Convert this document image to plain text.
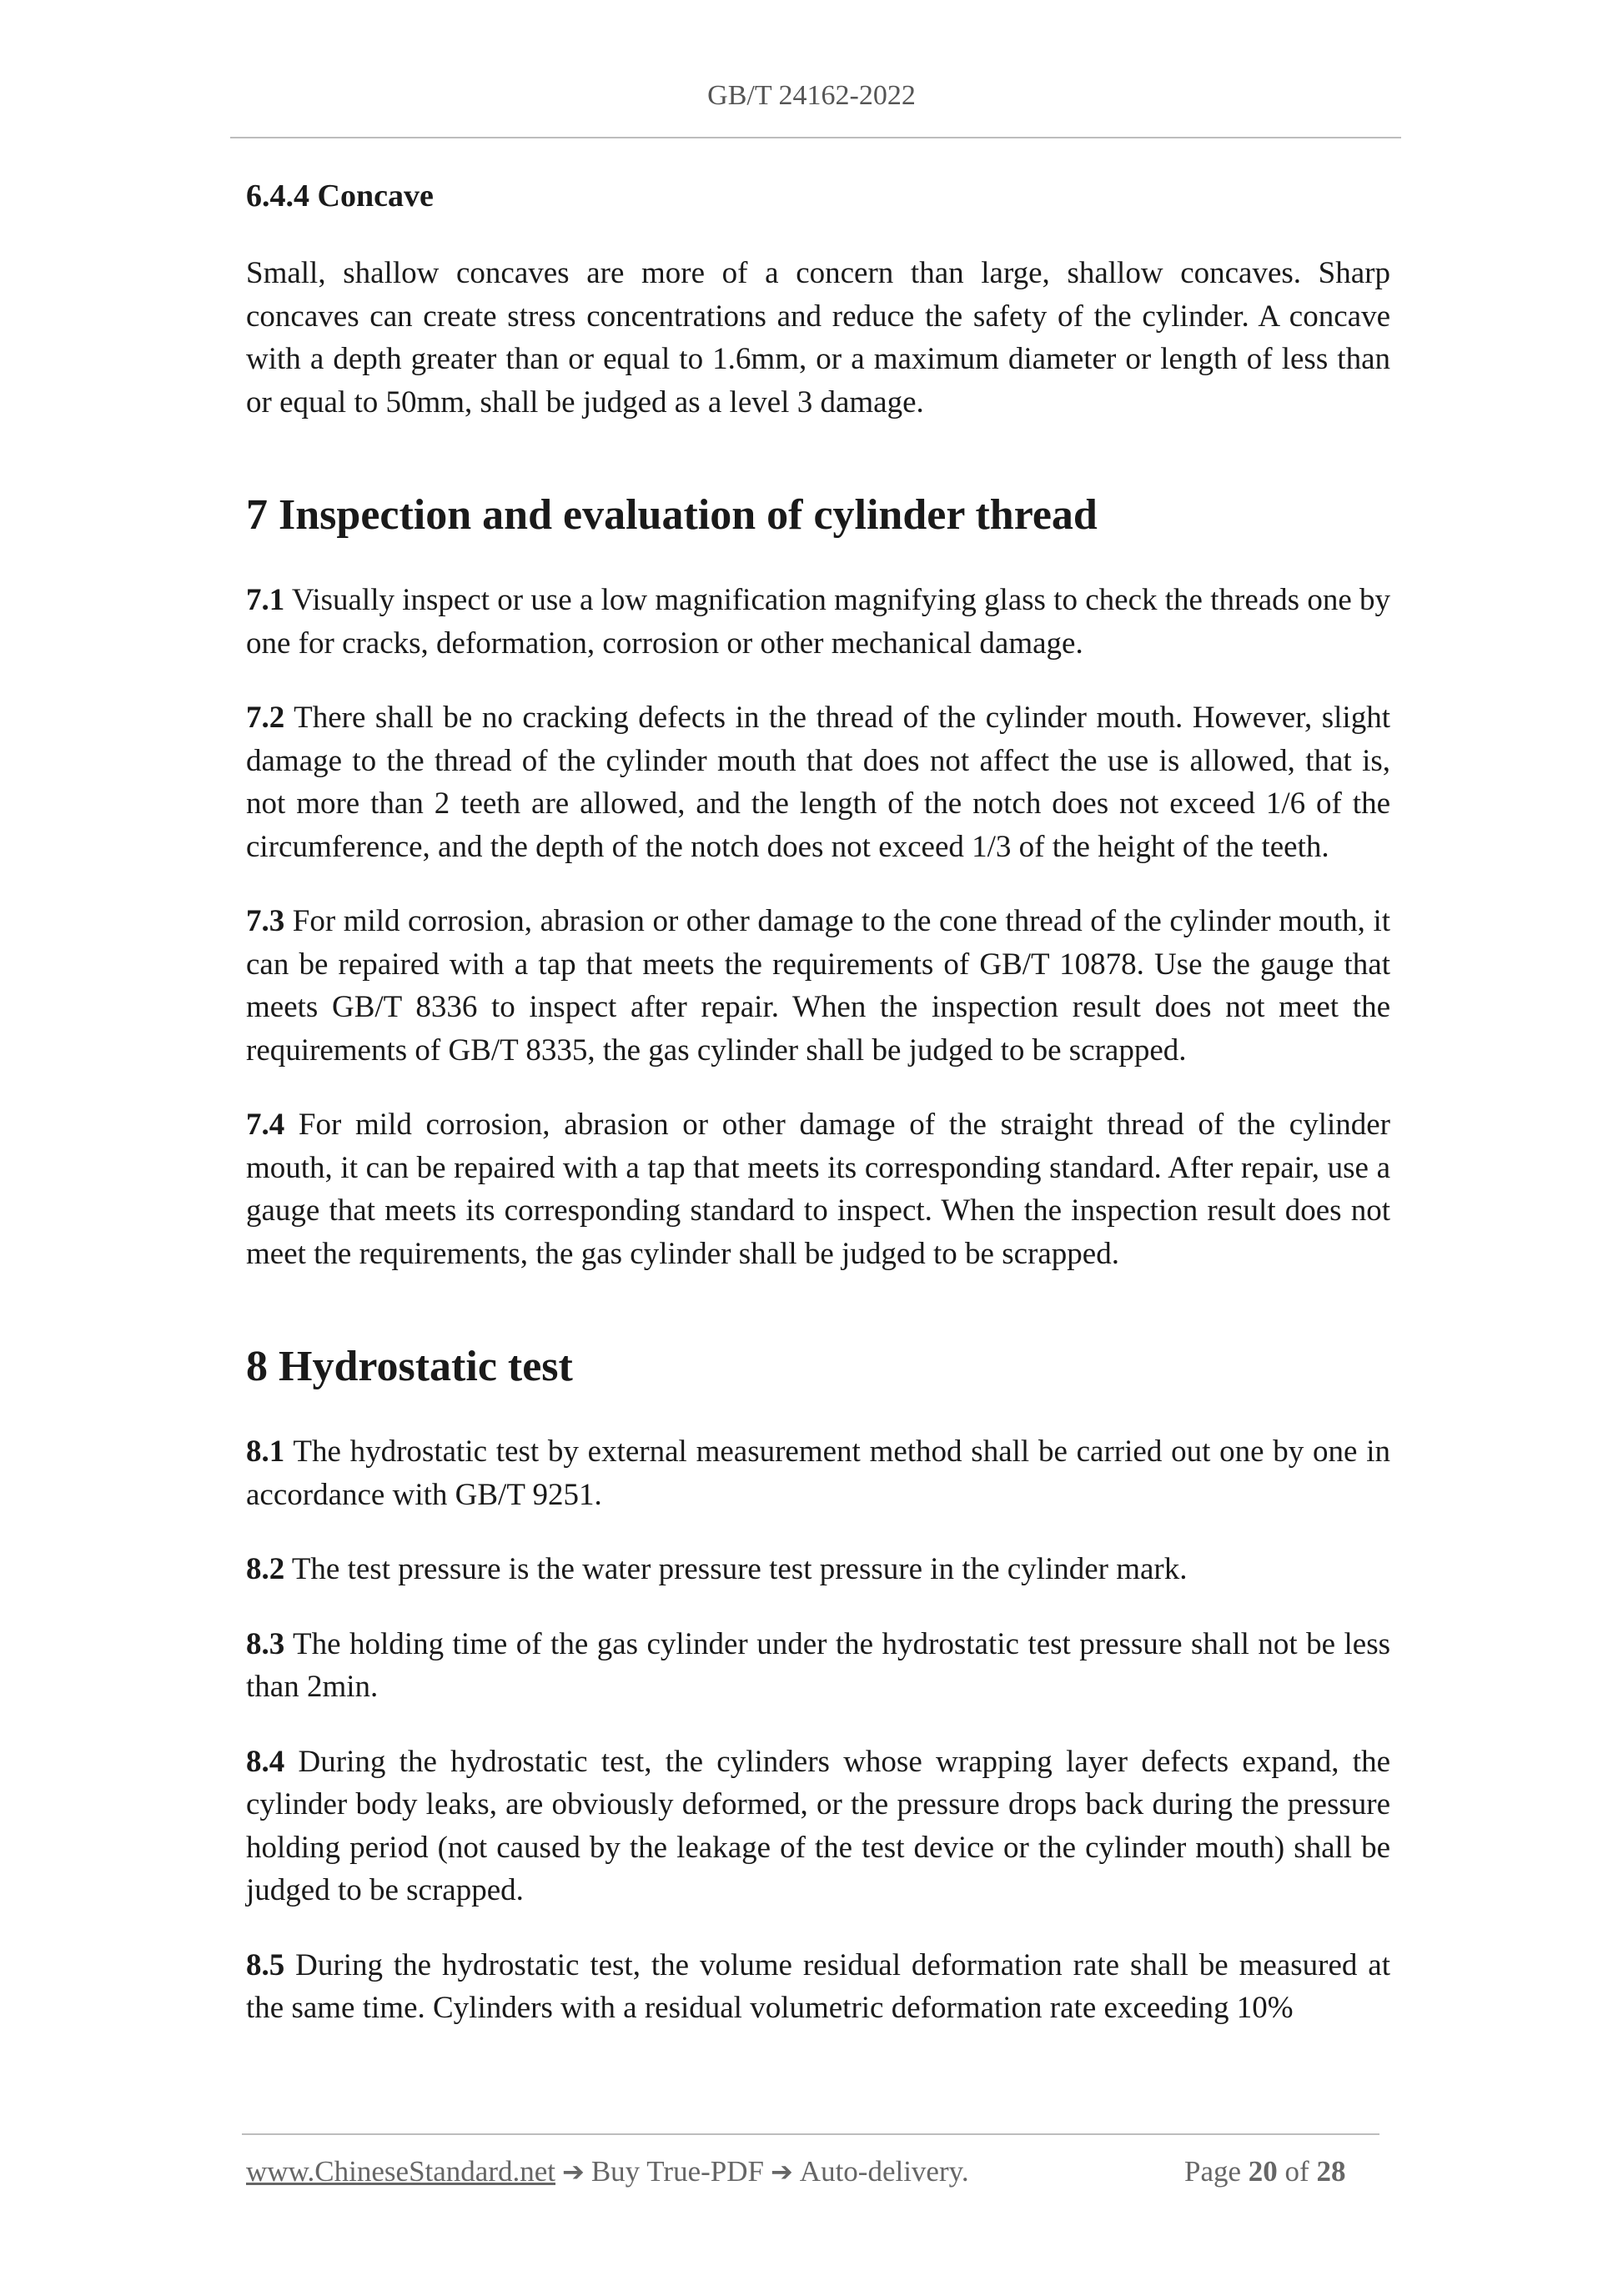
GB/T 24162-2022
6.4.4 Concave

Small, shallow concaves are more of a concern than large, shallow concaves. Sharp concaves can create stress concentrations and reduce the safety of the cylinder. A concave with a depth greater than or equal to 1.6mm, or a maximum diameter or length of less than or equal to 50mm, shall be judged as a level 3 damage.

7 Inspection and evaluation of cylinder thread

7.1 Visually inspect or use a low magnification magnifying glass to check the threads one by one for cracks, deformation, corrosion or other mechanical damage.

7.2 There shall be no cracking defects in the thread of the cylinder mouth. However, slight damage to the thread of the cylinder mouth that does not affect the use is allowed, that is, not more than 2 teeth are allowed, and the length of the notch does not exceed 1/6 of the circumference, and the depth of the notch does not exceed 1/3 of the height of the teeth.

7.3 For mild corrosion, abrasion or other damage to the cone thread of the cylinder mouth, it can be repaired with a tap that meets the requirements of GB/T 10878. Use the gauge that meets GB/T 8336 to inspect after repair. When the inspection result does not meet the requirements of GB/T 8335, the gas cylinder shall be judged to be scrapped.

7.4 For mild corrosion, abrasion or other damage of the straight thread of the cylinder mouth, it can be repaired with a tap that meets its corresponding standard. After repair, use a gauge that meets its corresponding standard to inspect. When the inspection result does not meet the requirements, the gas cylinder shall be judged to be scrapped.

8 Hydrostatic test

8.1 The hydrostatic test by external measurement method shall be carried out one by one in accordance with GB/T 9251.

8.2 The test pressure is the water pressure test pressure in the cylinder mark.

8.3 The holding time of the gas cylinder under the hydrostatic test pressure shall not be less than 2min.

8.4 During the hydrostatic test, the cylinders whose wrapping layer defects expand, the cylinder body leaks, are obviously deformed, or the pressure drops back during the pressure holding period (not caused by the leakage of the test device or the cylinder mouth) shall be judged to be scrapped.

8.5 During the hydrostatic test, the volume residual deformation rate shall be measured at the same time. Cylinders with a residual volumetric deformation rate exceeding 10%

www.ChineseStandard.net ➔ Buy True-PDF ➔ Auto-delivery.	Page 20 of 28
